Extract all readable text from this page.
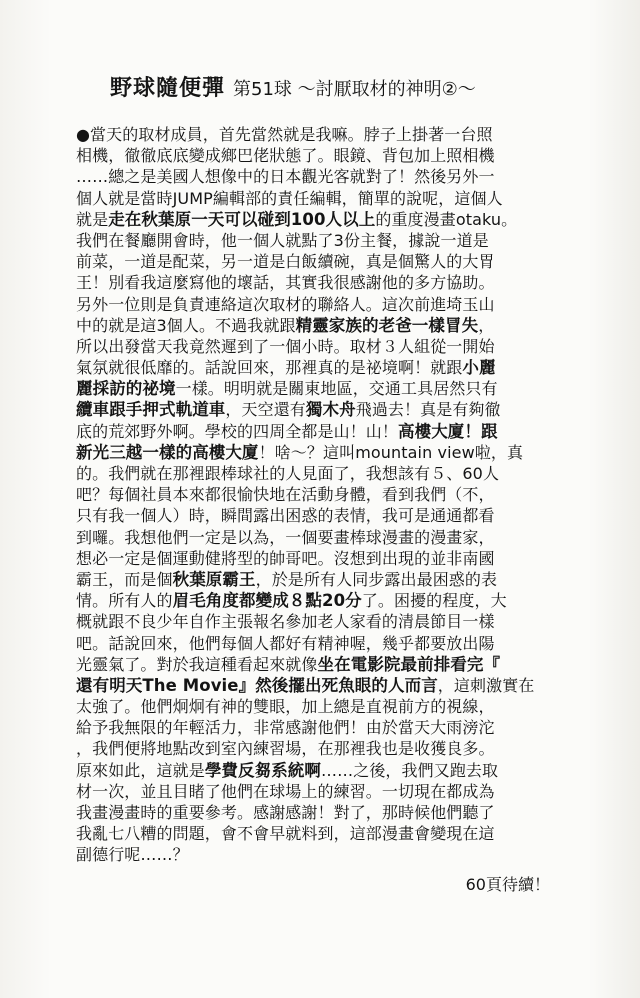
野球隨便彈 第51球 ～討厭取材的神明②～
●當天的取材成員，首先當然就是我嘛。脖子上掛著一台照
相機，徹徹底底變成鄉巴佬狀態了。眼鏡、背包加上照相機
……總之是美國人想像中的日本觀光客就對了！然後另外一
個人就是當時JUMP編輯部的責任編輯，簡單的說呢，這個人
就是走在秋葉原一天可以碰到100人以上的重度漫畫otaku。
我們在餐廳開會時，他一個人就點了3份主餐，據說一道是
前菜，一道是配菜，另一道是白飯續碗，真是個驚人的大胃
王！別看我這麼寫他的壞話，其實我很感謝他的多方協助。
另外一位則是負責連絡這次取材的聯絡人。這次前進埼玉山
中的就是這3個人。不過我就跟精靈家族的老爸一樣冒失，
所以出發當天我竟然遲到了一個小時。取材３人組從一開始
氣氛就很低靡的。話說回來，那裡真的是祕境啊！就跟小麗
麗採訪的祕境一樣。明明就是關東地區，交通工具居然只有
纜車跟手押式軌道車，天空還有獨木舟飛過去！真是有夠徹
底的荒郊野外啊。學校的四周全都是山！山！高樓大廈！跟
新光三越一樣的高樓大廈！啥～？這叫mountain view啦，真
的。我們就在那裡跟棒球社的人見面了，我想該有５、60人
吧？每個社員本來都很愉快地在活動身體，看到我們（不，
只有我一個人）時，瞬間露出困惑的表情，我可是通通都看
到囉。我想他們一定是以為，一個要畫棒球漫畫的漫畫家，
想必一定是個運動健將型的帥哥吧。沒想到出現的並非南國
霸王，而是個秋葉原霸王，於是所有人同步露出最困惑的表
情。所有人的眉毛角度都變成８點20分了。困擾的程度，大
概就跟不良少年自作主張報名參加老人家看的清晨節目一樣
吧。話說回來，他們每個人都好有精神喔，幾乎都要放出陽
光靈氣了。對於我這種看起來就像坐在電影院最前排看完『
還有明天The Movie』然後擺出死魚眼的人而言，這刺激實在
太強了。他們炯炯有神的雙眼，加上總是直視前方的視線，
給予我無限的年輕活力，非常感謝他們！由於當天大雨滂沱
，我們便將地點改到室內練習場，在那裡我也是收獲良多。
原來如此，這就是學費反芻系統啊……之後，我們又跑去取
材一次，並且目睹了他們在球場上的練習。一切現在都成為
我畫漫畫時的重要參考。感謝感謝！對了，那時候他們聽了
我亂七八糟的問題，會不會早就料到，這部漫畫會變現在這
副德行呢……？
60頁待續！
